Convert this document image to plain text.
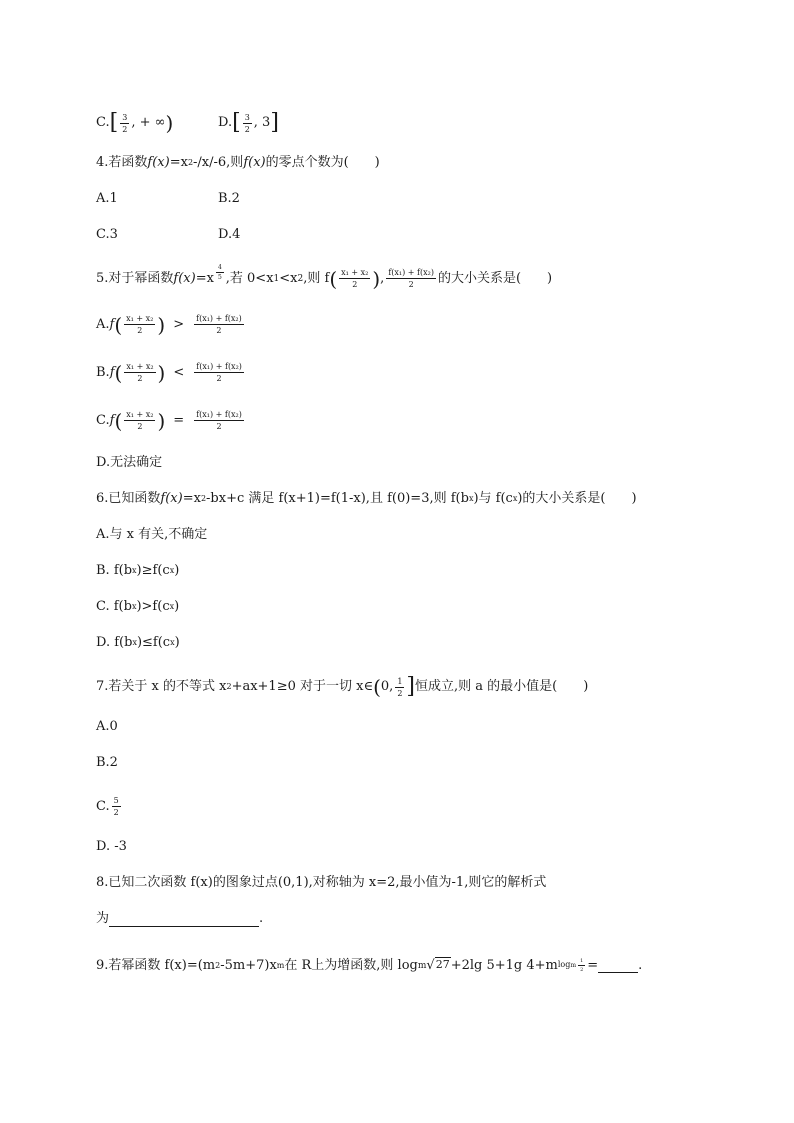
C. [ $\frac{3}{2}$ , + ∞ )	D. [ $\frac{3}{2}$ , 3 ]
4.若函数 f(x) =x 2 -/x/-6,则 f(x) 的零点个数为(　　)
A.1	B.2
C.3	D.4
5.对于幂函数 $f(x) =x \frac{4}{5}$ ,若 0<x 1 <x 2 ,则 f ( $\frac{\text{x₁ + x₂}}{2}$ ) , $\frac{\text{f(x₁) + f(x₂)}}{2}$ 的大小关系是(　　)
A. f ( $\frac{\text{x₁ + x₂}}{2}$ ) > $\frac{\text{f(x₁) + f(x₂)}}{2}$
B. f ( $\frac{\text{x₁ + x₂}}{2}$ ) < $\frac{\text{f(x₁) + f(x₂)}}{2}$
C. f ( $\frac{\text{x₁ + x₂}}{2}$ ) = $\frac{\text{f(x₁) + f(x₂)}}{2}$
D.无法确定
6.已知函数 f(x) =x 2 -bx+c 满足 f(x+1)=f(1-x),且 f(0)=3,则 f(b x )与 f(c x )的大小关系是(　　)
A.与 x 有关,不确定
B. f(b x )≥f(c x )
C. f(b x )>f(c x )
D. f(b x )≤f(c x )
7.若关于 x 的不等式 x 2 +ax+1≥0 对于一切 x∈ ( 0, $\frac{1}{2}$ ] 恒成立,则 a 的最小值是(　　)
A.0
B.2
C. $\frac{5}{2}$
D. -3
8.已知二次函数 f(x)的图象过点(0,1),对称轴为 x=2,最小值为-1,则它的解析式
为	.
9.若幂函数 f(x)=(m 2 -5m+7)x m 在 R上为增函数,则 log m √ 27 +2lg 5+1g 4+m logm $\frac{1}{2}$ =	.
